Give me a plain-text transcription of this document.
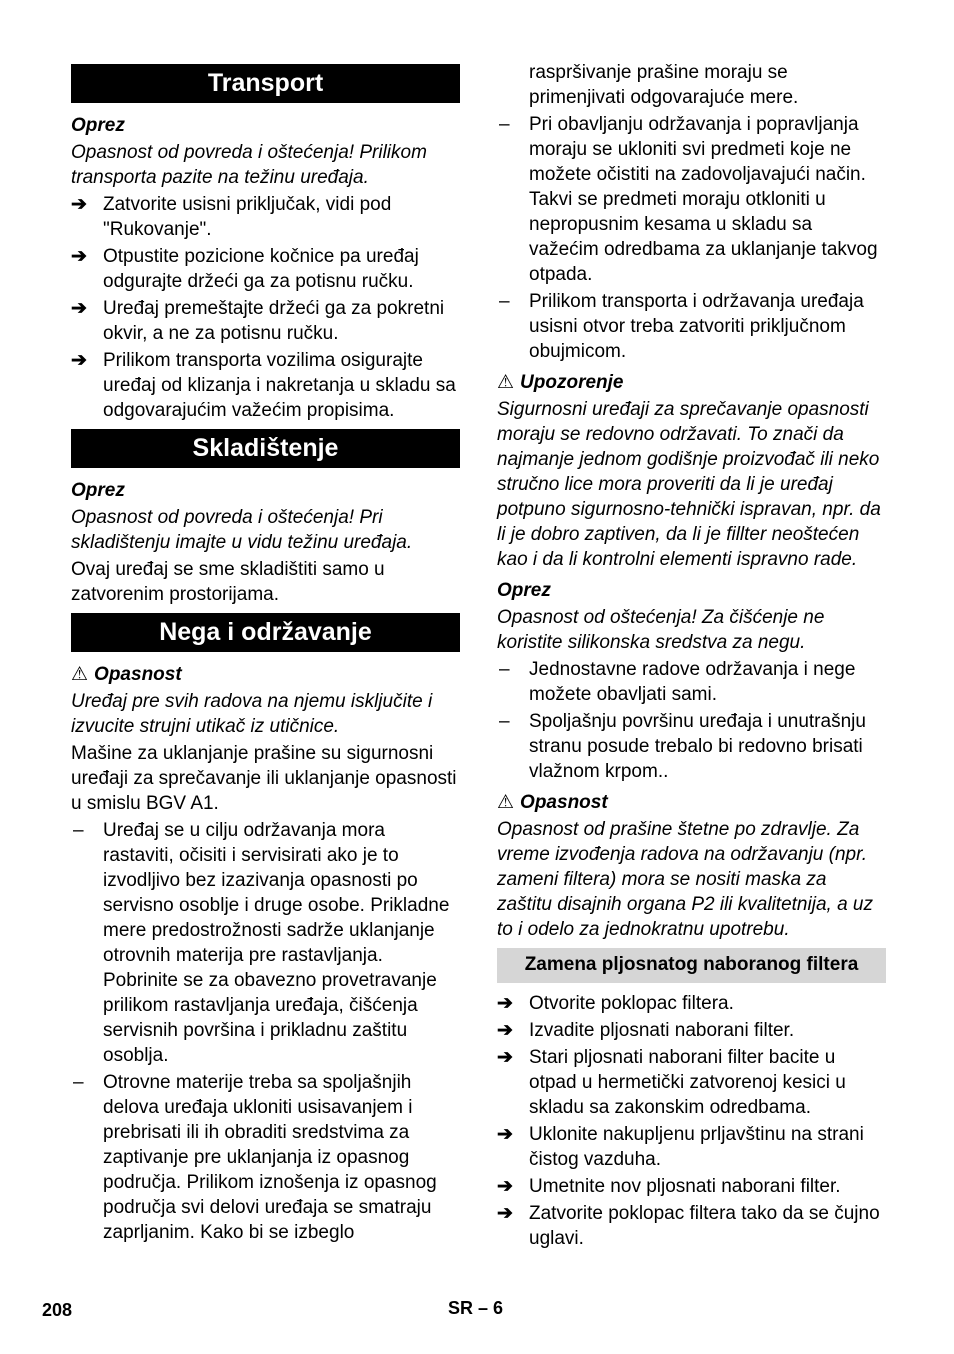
Transport
Oprez
Opasnost od povreda i oštećenja! Prilikom transporta pazite na težinu uređaja.
➔ Zatvorite usisni priključak, vidi pod "Rukovanje".
➔ Otpustite pozicione kočnice pa uređaj odgurajte držeći ga za potisnu ručku.
➔ Uređaj premeštajte držeći ga za pokretni okvir, a ne za potisnu ručku.
➔ Prilikom transporta vozilima osigurajte uređaj od klizanja i nakretanja u skladu sa odgovarajućim važećim propisima.
Skladištenje
Oprez
Opasnost od povreda i oštećenja! Pri skladištenju imajte u vidu težinu uređaja.
Ovaj uređaj se sme skladištiti samo u zatvorenim prostorijama.
Nega i održavanje
⚠ Opasnost
Uređaj pre svih radova na njemu isključite i izvucite strujni utikač iz utičnice.
Mašine za uklanjanje prašine su sigurnosni uređaji za sprečavanje ili uklanjanje opasnosti u smislu BGV A1.
– Uređaj se u cilju održavanja mora rastaviti, očisiti i servisirati ako je to izvodljivo bez izazivanja opasnosti po servisno osoblje i druge osobe. Prikladne mere predostrožnosti sadrže uklanjanje otrovnih materija pre rastavljanja. Pobrinite se za obavezno provetravanje prilikom rastavljanja uređaja, čišćenja servisnih površina i prikladnu zaštitu osoblja.
– Otrovne materije treba sa spoljašnjih delova uređaja ukloniti usisavanjem i prebrisati ili ih obraditi sredstvima za zaptivanje pre uklanjanja iz opasnog područja. Prilikom iznošenja iz opasnog područja svi delovi uređaja se smatraju zaprljanim. Kako bi se izbeglo
raspršivanje prašine moraju se primenjivati odgovarajuće mere.
– Pri obavljanju održavanja i popravljanja moraju se ukloniti svi predmeti koje ne možete očistiti na zadovoljavajući način. Takvi se predmeti moraju otkloniti u nepropusnim kesama u skladu sa važećim odredbama za uklanjanje takvog otpada.
– Prilikom transporta i održavanja uređaja usisni otvor treba zatvoriti priključnom obujmicom.
⚠ Upozorenje
Sigurnosni uređaji za sprečavanje opasnosti moraju se redovno održavati. To znači da najmanje jednom godišnje proizvođač ili neko stručno lice mora proveriti da li je uređaj potpuno sigurnosno-tehnički ispravan, npr. da li je dobro zaptiven, da li je fillter neoštećen kao i da li kontrolni elementi ispravno rade.
Oprez
Opasnost od oštećenja! Za čišćenje ne koristite silikonska sredstva za negu.
– Jednostavne radove održavanja i nege možete obavljati sami.
– Spoljašnju površinu uređaja i unutrašnju stranu posude trebalo bi redovno brisati vlažnom krpom..
⚠ Opasnost
Opasnost od prašine štetne po zdravlje. Za vreme izvođenja radova na održavanju (npr. zameni filtera) mora se nositi maska za zaštitu disajnih organa P2 ili kvalitetnija, a uz to i odelo za jednokratnu upotrebu.
Zamena pljosnatog naboranog filtera
➔ Otvorite poklopac filtera.
➔ Izvadite pljosnati naborani filter.
➔ Stari pljosnati naborani filter bacite u otpad u hermetički zatvorenoj kesici u skladu sa zakonskim odredbama.
➔ Uklonite nakupljenu prljavštinu na strani čistog vazduha.
➔ Umetnite nov pljosnati naborani filter.
➔ Zatvorite poklopac filtera tako da se čujno uglavi.
208	SR – 6
